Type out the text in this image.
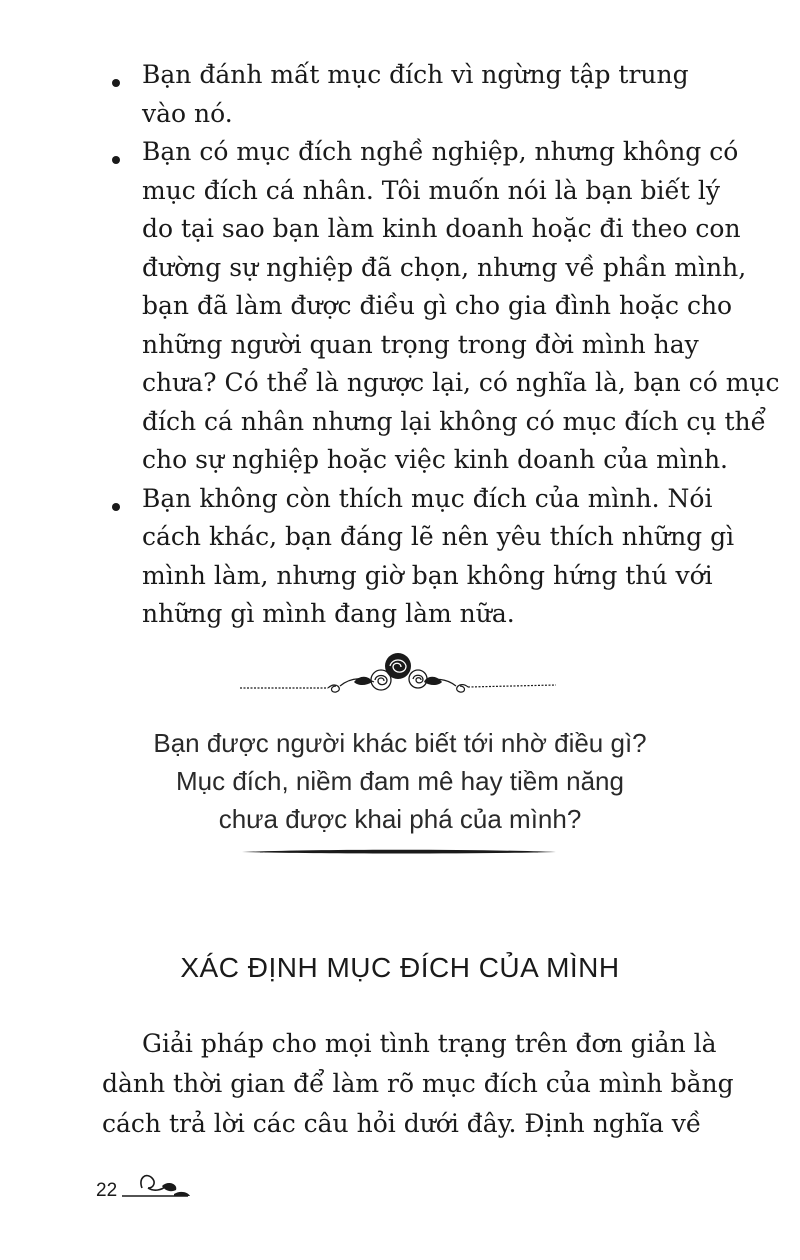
Bạn đánh mất mục đích vì ngừng tập trung
vào nó.
Bạn có mục đích nghề nghiệp, nhưng không có
mục đích cá nhân. Tôi muốn nói là bạn biết lý
do tại sao bạn làm kinh doanh hoặc đi theo con
đường sự nghiệp đã chọn, nhưng về phần mình,
bạn đã làm được điều gì cho gia đình hoặc cho
những người quan trọng trong đời mình hay
chưa? Có thể là ngược lại, có nghĩa là, bạn có mục
đích cá nhân nhưng lại không có mục đích cụ thể
cho sự nghiệp hoặc việc kinh doanh của mình.
Bạn không còn thích mục đích của mình. Nói
cách khác, bạn đáng lẽ nên yêu thích những gì
mình làm, nhưng giờ bạn không hứng thú với
những gì mình đang làm nữa.
Bạn được người khác biết tới nhờ điều gì?
Mục đích, niềm đam mê hay tiềm năng
chưa được khai phá của mình?
XÁC ĐỊNH MỤC ĐÍCH CỦA MÌNH
Giải pháp cho mọi tình trạng trên đơn giản là
dành thời gian để làm rõ mục đích của mình bằng
cách trả lời các câu hỏi dưới đây. Định nghĩa về
22
